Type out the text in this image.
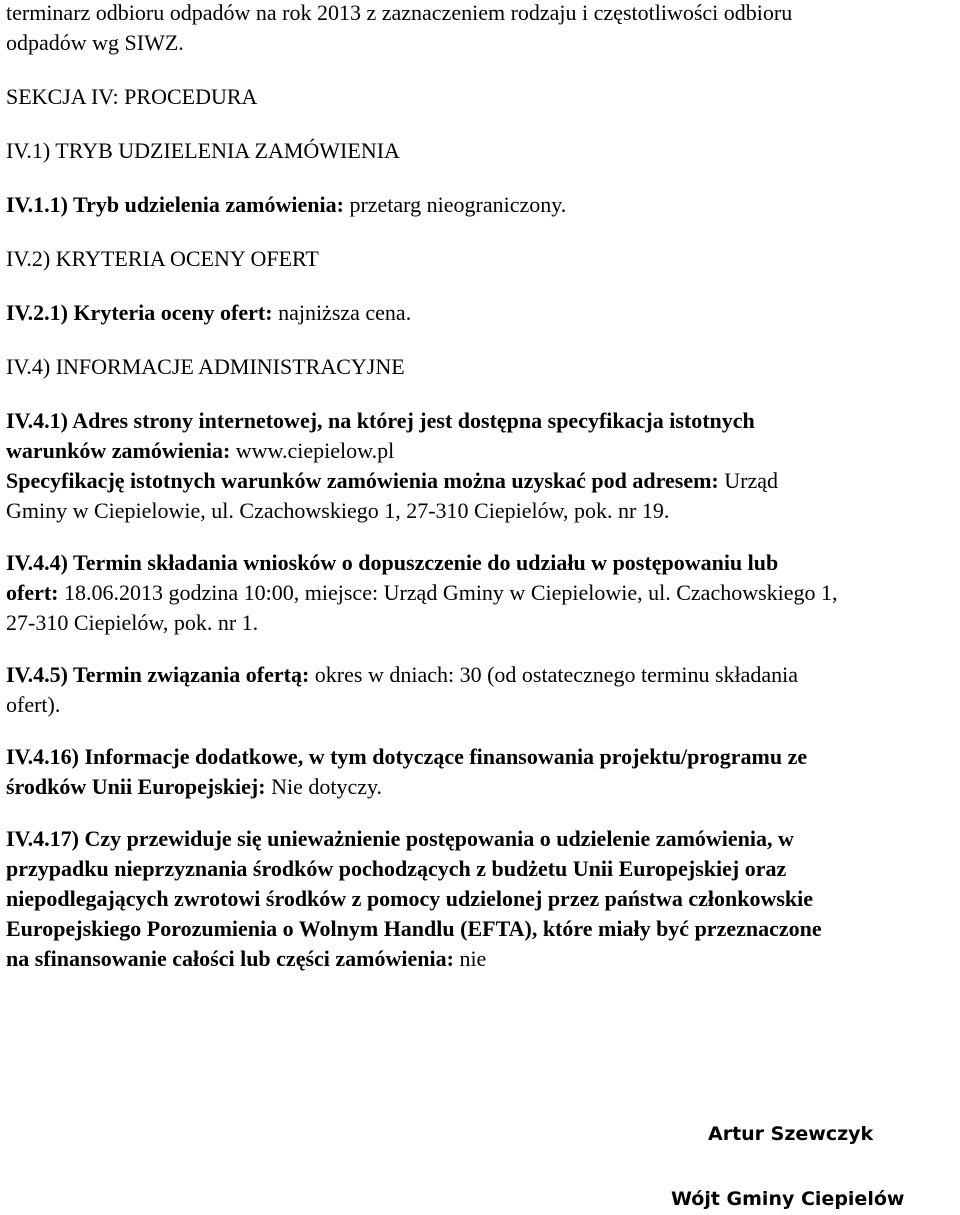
terminarz odbioru odpadów na rok 2013 z zaznaczeniem rodzaju i częstotliwości odbioru
odpadów wg SIWZ.

SEKCJA IV: PROCEDURA

IV.1) TRYB UDZIELENIA ZAMÓWIENIA

IV.1.1) Tryb udzielenia zamówienia: przetarg nieograniczony.

IV.2) KRYTERIA OCENY OFERT

IV.2.1) Kryteria oceny ofert: najniższa cena.

IV.4) INFORMACJE ADMINISTRACYJNE

IV.4.1) Adres strony internetowej, na której jest dostępna specyfikacja istotnych
warunków zamówienia: www.ciepielow.pl
Specyfikację istotnych warunków zamówienia można uzyskać pod adresem: Urząd
Gminy w Ciepielowie, ul. Czachowskiego 1, 27-310 Ciepielów, pok. nr 19.

IV.4.4) Termin składania wniosków o dopuszczenie do udziału w postępowaniu lub
ofert: 18.06.2013 godzina 10:00, miejsce: Urząd Gminy w Ciepielowie, ul. Czachowskiego 1,
27-310 Ciepielów, pok. nr 1.

IV.4.5) Termin związania ofertą: okres w dniach: 30 (od ostatecznego terminu składania
ofert).

IV.4.16) Informacje dodatkowe, w tym dotyczące finansowania projektu/programu ze
środków Unii Europejskiej: Nie dotyczy.

IV.4.17) Czy przewiduje się unieważnienie postępowania o udzielenie zamówienia, w
przypadku nieprzyznania środków pochodzących z budżetu Unii Europejskiej oraz
niepodlegających zwrotowi środków z pomocy udzielonej przez państwa członkowskie
Europejskiego Porozumienia o Wolnym Handlu (EFTA), które miały być przeznaczone
na sfinansowanie całości lub części zamówienia: nie

Artur Szewczyk
Wójt Gminy Ciepielów
